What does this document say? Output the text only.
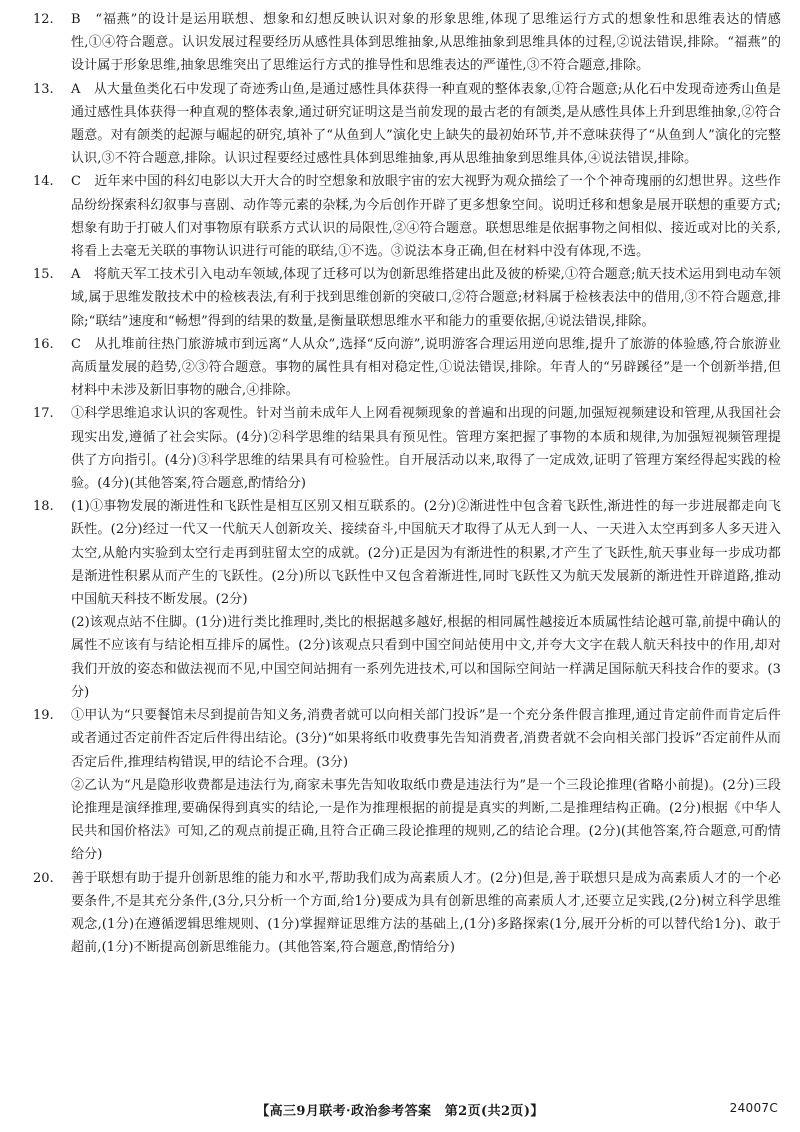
12.	B　“福燕”的设计是运用联想、想象和幻想反映认识对象的形象思维,体现了思维运行方式的想象性和思维表达的情感性,①④符合题意。认识发展过程要经历从感性具体到思维抽象,从思维抽象到思维具体的过程,②说法错误,排除。“福燕”的设计属于形象思维,抽象思维突出了思维运行方式的推导性和思维表达的严谨性,③不符合题意,排除。

13.	A　从大量鱼类化石中发现了奇迹秀山鱼,是通过感性具体获得一种直观的整体表象,①符合题意;从化石中发现奇迹秀山鱼是通过感性具体获得一种直观的整体表象,通过研究证明这是当前发现的最古老的有颌类,是从感性具体上升到思维抽象,②符合题意。对有颌类的起源与崛起的研究,填补了“从鱼到人”演化史上缺失的最初始环节,并不意味获得了“从鱼到人”演化的完整认识,③不符合题意,排除。认识过程要经过感性具体到思维抽象,再从思维抽象到思维具体,④说法错误,排除。

14.	C　近年来中国的科幻电影以大开大合的时空想象和放眼宇宙的宏大视野为观众描绘了一个个神奇瑰丽的幻想世界。这些作品纷纷探索科幻叙事与喜剧、动作等元素的杂糅,为今后创作开辟了更多想象空间。说明迁移和想象是展开联想的重要方式;想象有助于打破人们对事物原有联系方式认识的局限性,②④符合题意。联想思维是依据事物之间相似、接近或对比的关系,将看上去毫无关联的事物认识进行可能的联结,①不选。③说法本身正确,但在材料中没有体现,不选。

15.	A　将航天军工技术引入电动车领域,体现了迁移可以为创新思维搭建出此及彼的桥梁,①符合题意;航天技术运用到电动车领域,属于思维发散技术中的检核表法,有利于找到思维创新的突破口,②符合题意;材料属于检核表法中的借用,③不符合题意,排除;“联结”速度和“畅想”得到的结果的数量,是衡量联想思维水平和能力的重要依据,④说法错误,排除。

16.	C　从扎堆前往热门旅游城市到远离“人从众”,选择“反向游”,说明游客合理运用逆向思维,提升了旅游的体验感,符合旅游业高质量发展的趋势,②③符合题意。事物的属性具有相对稳定性,①说法错误,排除。年青人的“另辟蹊径”是一个创新举措,但材料中未涉及新旧事物的融合,④排除。

17.	①科学思维追求认识的客观性。针对当前未成年人上网看视频现象的普遍和出现的问题,加强短视频建设和管理,从我国社会现实出发,遵循了社会实际。(4分)②科学思维的结果具有预见性。管理方案把握了事物的本质和规律,为加强短视频管理提供了方向指引。(4分)③科学思维的结果具有可检验性。自开展活动以来,取得了一定成效,证明了管理方案经得起实践的检验。(4分)(其他答案,符合题意,酌情给分)

18.	(1)①事物发展的渐进性和飞跃性是相互区别又相互联系的。(2分)②渐进性中包含着飞跃性,渐进性的每一步进展都走向飞跃性。(2分)经过一代又一代航天人创新攻关、接续奋斗,中国航天才取得了从无人到一人、一天进入太空再到多人多天进入太空,从舱内实验到太空行走再到驻留太空的成就。(2分)正是因为有渐进性的积累,才产生了飞跃性,航天事业每一步成功都是渐进性积累从而产生的飞跃性。(2分)所以飞跃性中又包含着渐进性,同时飞跃性又为航天发展新的渐进性开辟道路,推动中国航天科技不断发展。(2分)

(2)该观点站不住脚。(1分)进行类比推理时,类比的根据越多越好,根据的相同属性越接近本质属性结论越可靠,前提中确认的属性不应该有与结论相互排斥的属性。(2分)该观点只看到中国空间站使用中文,并夸大文字在载人航天科技中的作用,却对我们开放的姿态和做法视而不见,中国空间站拥有一系列先进技术,可以和国际空间站一样满足国际航天科技合作的要求。(3分)

19.	①甲认为“只要餐馆未尽到提前告知义务,消费者就可以向相关部门投诉”是一个充分条件假言推理,通过肯定前件而肯定后件或者通过否定前件否定后件得出结论。(3分)“如果将纸巾收费事先告知消费者,消费者就不会向相关部门投诉”否定前件从而否定后件,推理结构错误,甲的结论不合理。(3分)

②乙认为“凡是隐形收费都是违法行为,商家未事先告知收取纸巾费是违法行为”是一个三段论推理(省略小前提)。(2分)三段论推理是演绎推理,要确保得到真实的结论,一是作为推理根据的前提是真实的判断,二是推理结构正确。(2分)根据《中华人民共和国价格法》可知,乙的观点前提正确,且符合正确三段论推理的规则,乙的结论合理。(2分)(其他答案,符合题意,可酌情给分)

20.	善于联想有助于提升创新思维的能力和水平,帮助我们成为高素质人才。(2分)但是,善于联想只是成为高素质人才的一个必要条件,不是其充分条件,(3分,只分析一个方面,给1分)要成为具有创新思维的高素质人才,还要立足实践,(2分)树立科学思维观念,(1分)在遵循逻辑思维规则、(1分)掌握辩证思维方法的基础上,(1分)多路探索(1分,展开分析的可以替代给1分)、敢于超前,(1分)不断提高创新思维能力。(其他答案,符合题意,酌情给分)

【高三9月联考·政治参考答案　第2页(共2页)】	24007C
